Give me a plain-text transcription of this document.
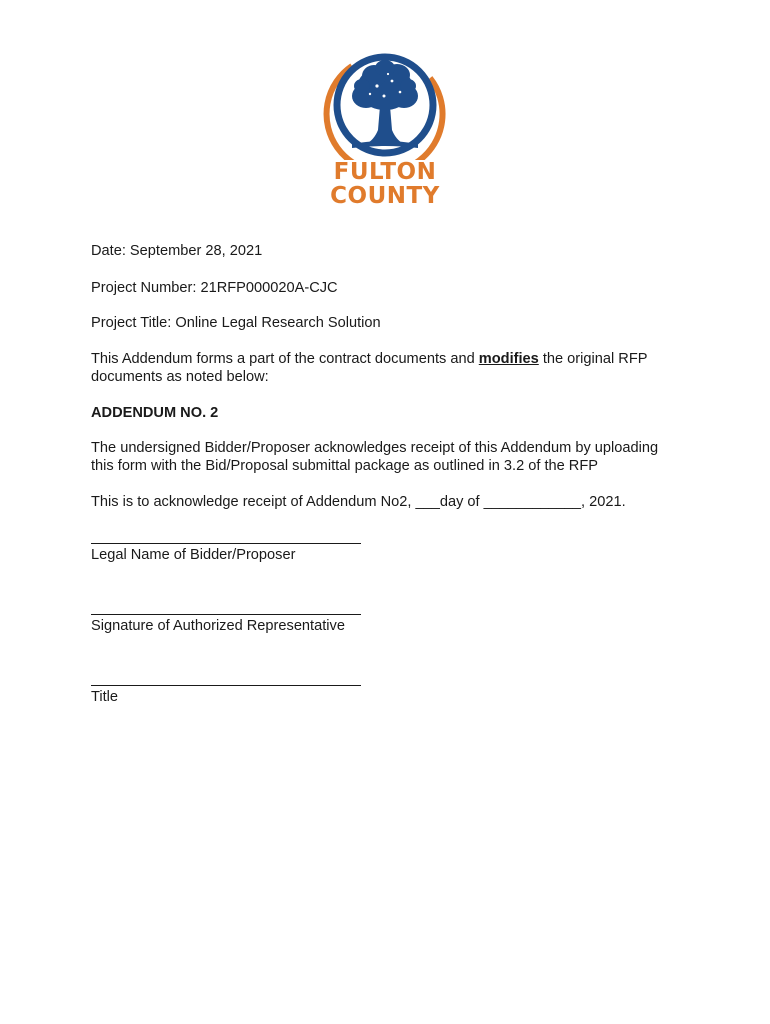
FULTON
COUNTY
Date: September 28, 2021
Project Number: 21RFP000020A-CJC
Project Title: Online Legal Research Solution
This Addendum forms a part of the contract documents and modifies the original RFP
documents as noted below:
ADDENDUM NO. 2
The undersigned Bidder/Proposer acknowledges receipt of this Addendum by uploading
this form with the Bid/Proposal submittal package as outlined in 3.2 of the RFP
This is to acknowledge receipt of Addendum No2, ___day of ____________, 2021.
Legal Name of Bidder/Proposer
Signature of Authorized Representative
Title
